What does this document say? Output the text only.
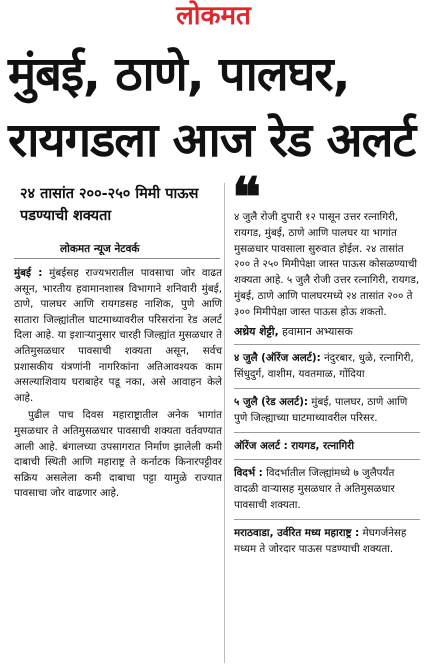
लोकमत
मुंबई, ठाणे, पालघर,
रायगडला आज रेड अलर्ट
२४ तासांत २००-२५० मिमी पाऊस पडण्याची शक्यता
लोकमत न्यूज नेटवर्क

मुंबई : मुंबईसह राज्यभरातील पावसाचा जोर वाढत असून, भारतीय हवामानशास्त्र विभागाने शनिवारी मुंबई, ठाणे, पालघर आणि रायगडसह नाशिक, पुणे आणि सातारा जिल्ह्यांतील घाटमाथ्यावरील परिसरांना रेड अलर्ट दिला आहे. या इशाऱ्यानुसार चारही जिल्ह्यांत मुसळधार ते अतिमुसळधार पावसाची शक्यता असून, सर्वच प्रशासकीय यंत्रणांनी नागरिकांना अतिआवश्यक काम असल्याशिवाय घराबाहेर पडू नका, असे आवाहन केले आहे.

पुढील पाच दिवस महाराष्ट्रातील अनेक भागांत मुसळधार ते अतिमुसळधार पावसाची शक्यता वर्तवण्यात आली आहे. बंगालच्या उपसागरात निर्माण झालेली कमी दाबाची स्थिती आणि महाराष्ट्र ते कर्नाटक किनारपट्टीवर सक्रिय असलेला कमी दाबाचा पट्टा यामुळे राज्यात पावसाचा जोर वाढणार आहे.

❝

४ जुलै रोजी दुपारी १२ पासून उत्तर रत्नागिरी, रायगड, मुंबई, ठाणे आणि पालघर या भागांत मुसळधार पावसाला सुरुवात होईल. २४ तासांत २०० ते २५० मिमीपेक्षा जास्त पाऊस कोसळण्याची शक्यता आहे. ५ जुलै रोजी उत्तर रत्नागिरी, रायगड, मुंबई, ठाणे आणि पालघरमध्ये २४ तासांत २०० ते ३०० मिमीपेक्षा जास्त पाऊस होऊ शकतो.

अथ्रेय शेट्टी, हवामान अभ्यासक

४ जुलै (ऑरेंज अलर्ट): नंदुरबार, धुळे, रत्नागिरी, सिंधुदुर्ग, वाशीम, यवतमाळ, गोंदिया

५ जुलै (रेड अलर्ट): मुंबई, पालघर, ठाणे आणि पुणे जिल्ह्याच्या घाटमाथ्यावरील परिसर.

ऑरेंज अलर्ट : रायगड, रत्नागिरी

विदर्भ : विदर्भातील जिल्ह्यांमध्ये ७ जुलैपर्यंत वादळी वाऱ्यासह मुसळधार ते अतिमुसळधार पावसाची शक्यता.

मराठवाडा, उर्वरित मध्य महाराष्ट्र : मेघगर्जनेसह मध्यम ते जोरदार पाऊस पडण्याची शक्यता.
